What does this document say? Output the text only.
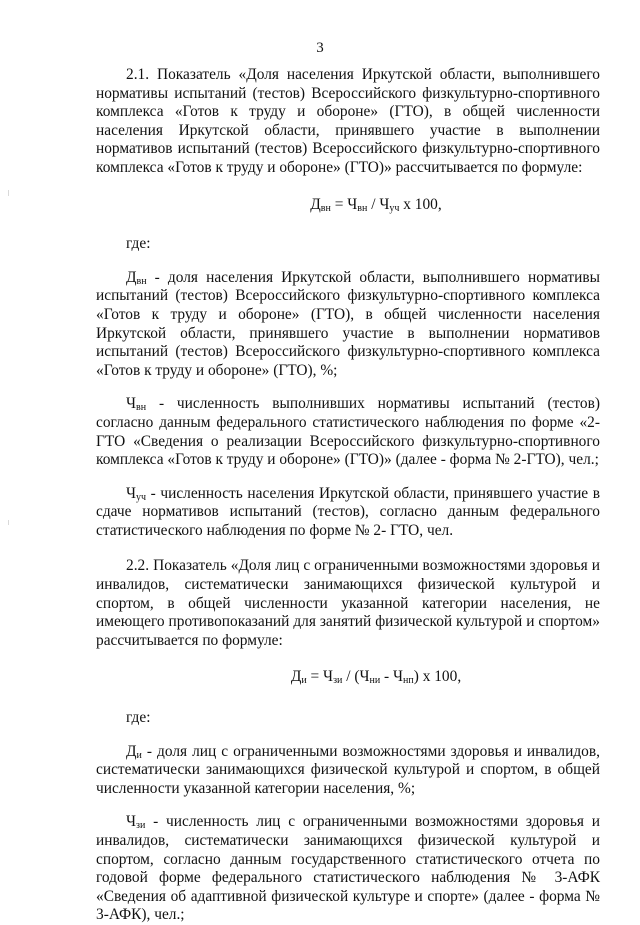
3

2.1. Показатель «Доля населения Иркутской области, выполнившего нормативы испытаний (тестов) Всероссийского физкультурно-спортивного комплекса «Готов к труду и обороне» (ГТО), в общей численности населения Иркутской области, принявшего участие в выполнении нормативов испытаний (тестов) Всероссийского физкультурно-спортивного комплекса «Готов к труду и обороне» (ГТО)» рассчитывается по формуле:

$Д_{вн} = Ч_{вн} / Ч_{уч}$ х 100,

где:

$Д_{вн}$ - доля населения Иркутской области, выполнившего нормативы испытаний (тестов) Всероссийского физкультурно-спортивного комплекса «Готов к труду и обороне» (ГТО), в общей численности населения Иркутской области, принявшего участие в выполнении нормативов испытаний (тестов) Всероссийского физкультурно-спортивного комплекса «Готов к труду и обороне» (ГТО), %;

$Ч_{вн}$ - численность выполнивших нормативы испытаний (тестов) согласно данным федерального статистического наблюдения по форме «2-ГТО «Сведения о реализации Всероссийского физкультурно-спортивного комплекса «Готов к труду и обороне» (ГТО)» (далее - форма № 2-ГТО), чел.;

$Ч_{уч}$ - численность населения Иркутской области, принявшего участие в сдаче нормативов испытаний (тестов), согласно данным федерального статистического наблюдения по форме № 2- ГТО, чел.

2.2. Показатель «Доля лиц с ограниченными возможностями здоровья и инвалидов, систематически занимающихся физической культурой и спортом, в общей численности указанной категории населения, не имеющего противопоказаний для занятий физической культурой и спортом» рассчитывается по формуле:

$Д_и = Ч_{зи} / (Ч_{ни} - Ч_{нп})$ х 100,

где:

$Д_и$ - доля лиц с ограниченными возможностями здоровья и инвалидов, систематически занимающихся физической культурой и спортом, в общей численности указанной категории населения, %;

$Ч_{зи}$ - численность лиц с ограниченными возможностями здоровья и инвалидов, систематически занимающихся физической культурой и спортом, согласно данным государственного статистического отчета по годовой форме федерального статистического наблюдения № 3-АФК «Сведения об адаптивной физической культуре и спорте» (далее - форма № 3-АФК), чел.;
